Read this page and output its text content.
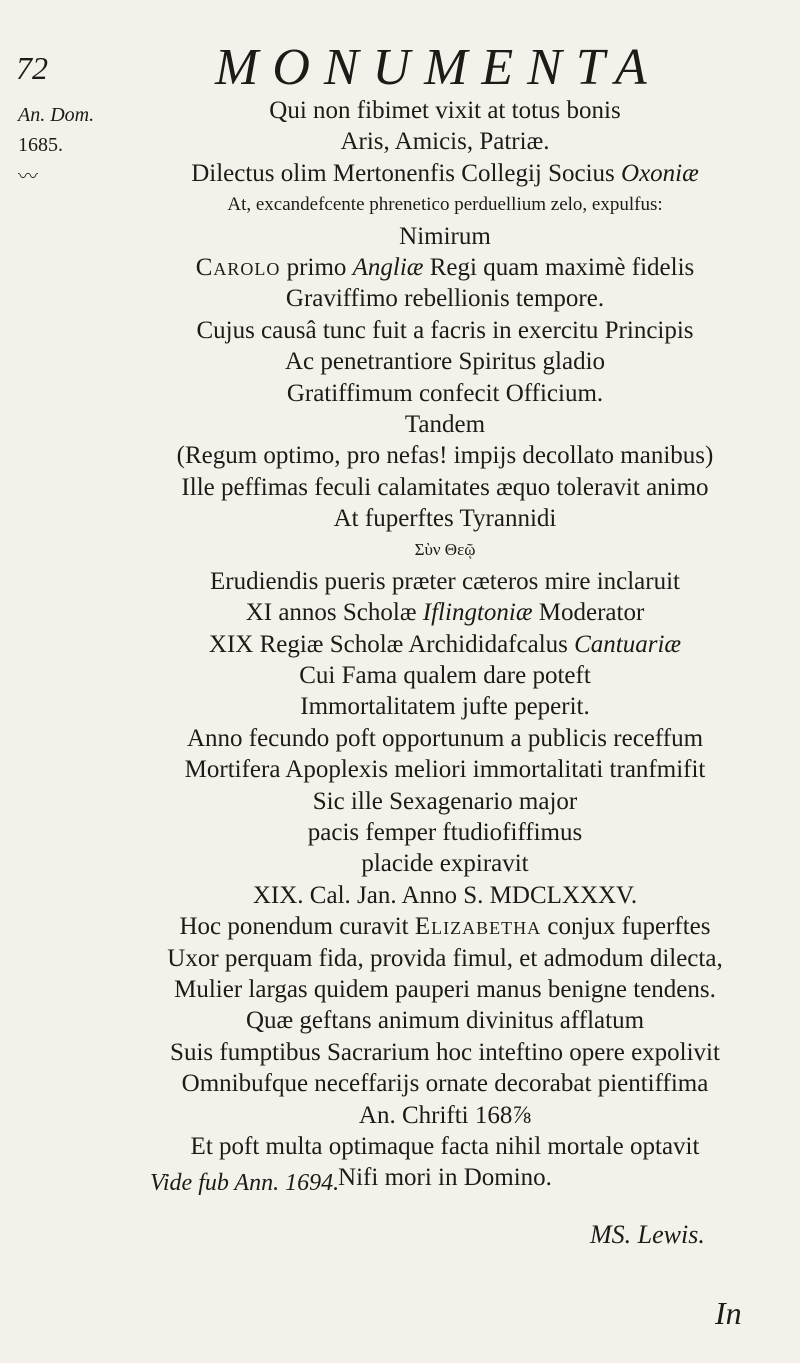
72	MONUMENTA
An. Dom.
1685.
〰
Qui non fibimet vixit at totus bonis
Aris, Amicis, Patriæ.
Dilectus olim Mertonenfis Collegij Socius Oxoniæ
At, excandefcente phrenetico perduellium zelo, expulfus:
Nimirum
Carolo primo Angliæ Regi quam maximè fidelis
Graviffimo rebellionis tempore.
Cujus causâ tunc fuit a facris in exercitu Principis
Ac penetrantiore Spiritus gladio
Gratiffimum confecit Officium.
Tandem
(Regum optimo, pro nefas! impijs decollato manibus)
Ille peffimas feculi calamitates æquo toleravit animo
At fuperftes Tyrannidi
Σὺν Θεῷ
Erudiendis pueris præter cæteros mire inclaruit
XI annos Scholæ Iflingtoniæ Moderator
XIX Regiæ Scholæ Archididafcalus Cantuariæ
Cui Fama qualem dare poteft
Immortalitatem jufte peperit.
Anno fecundo poft opportunum a publicis receffum
Mortifera Apoplexis meliori immortalitati tranfmifit
Sic ille Sexagenario major
pacis femper ftudiofiffimus
placide expiravit
XIX. Cal. Jan. Anno S. MDCLXXXV.
Hoc ponendum curavit Elizabetha conjux fuperftes
Uxor perquam fida, provida fimul, et admodum dilecta,
Mulier largas quidem pauperi manus benigne tendens.
Quæ geftans animum divinitus afflatum
Suis fumptibus Sacrarium hoc inteftino opere expolivit
Omnibufque neceffarijs ornate decorabat pientiffima
An. Chrifti 168⅞
Et poft multa optimaque facta nihil mortale optavit
Nifi mori in Domino.
Vide fub Ann. 1694.
MS. Lewis.
In
